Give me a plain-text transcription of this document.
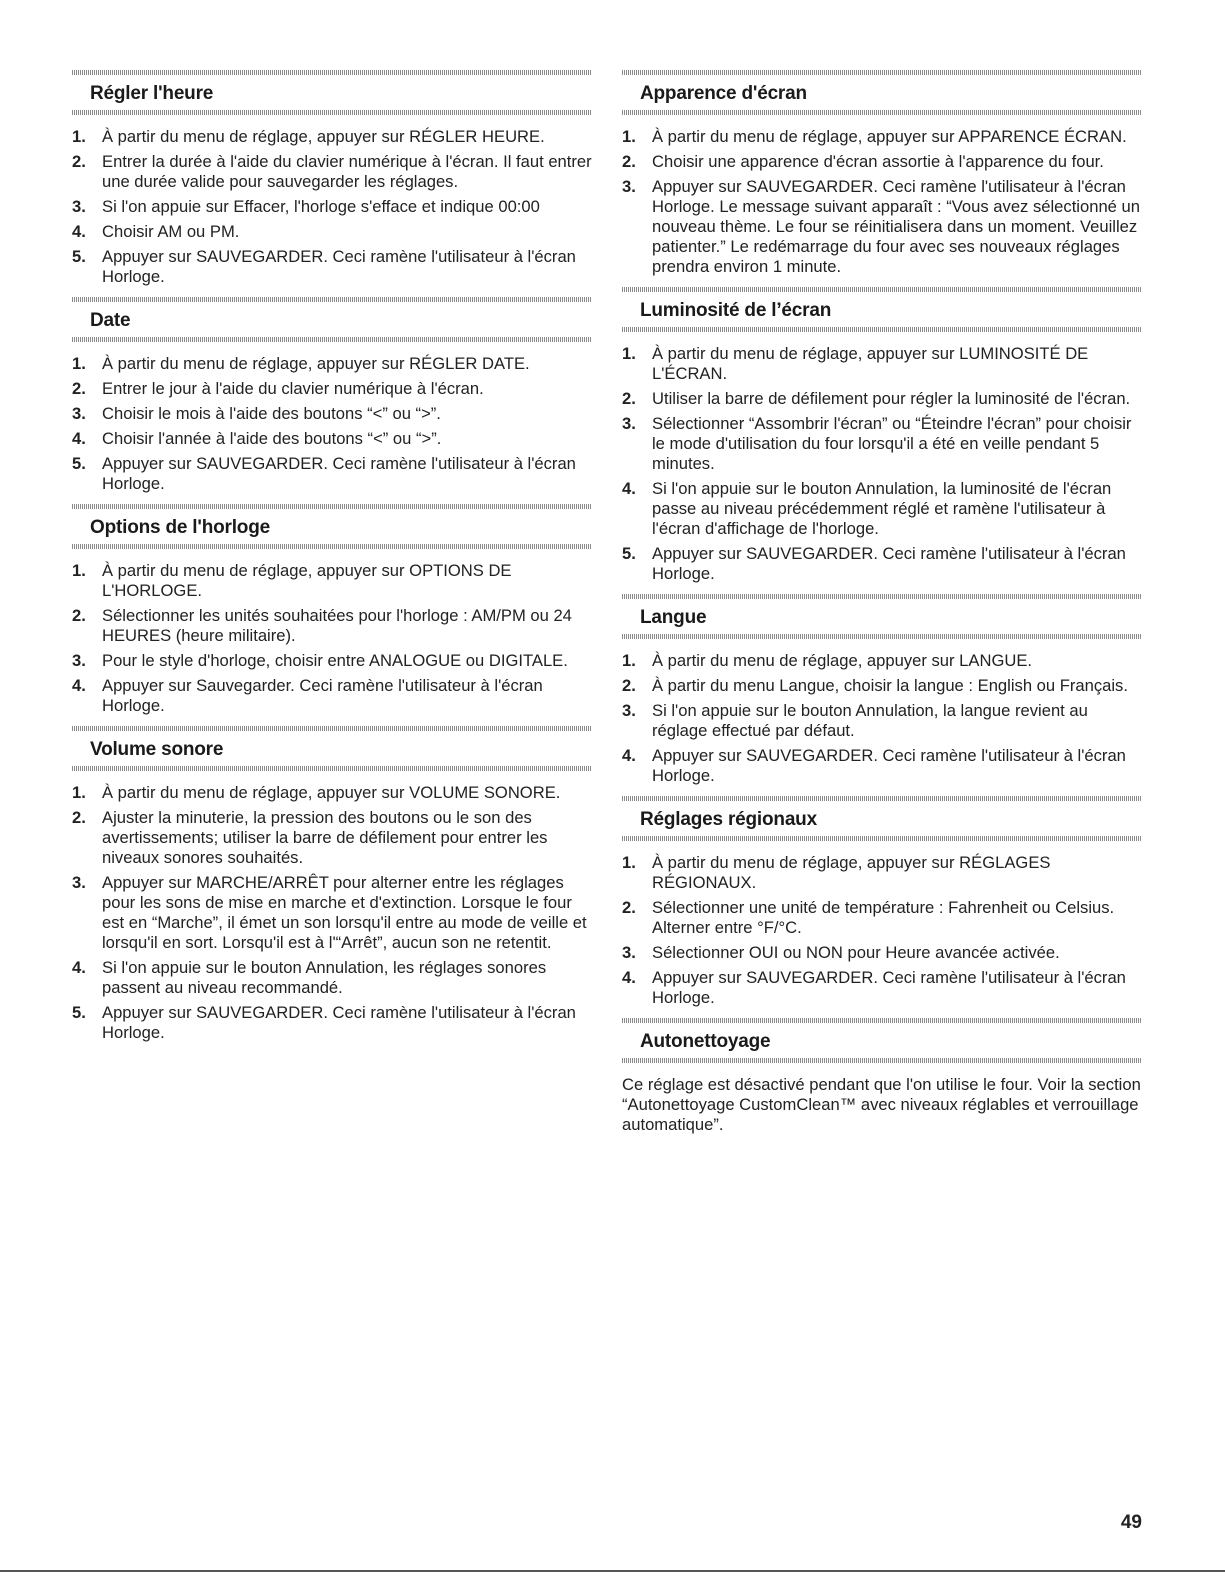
Régler l'heure
1. À partir du menu de réglage, appuyer sur RÉGLER HEURE.
2. Entrer la durée à l'aide du clavier numérique à l'écran. Il faut entrer une durée valide pour sauvegarder les réglages.
3. Si l'on appuie sur Effacer, l'horloge s'efface et indique 00:00
4. Choisir AM ou PM.
5. Appuyer sur SAUVEGARDER. Ceci ramène l'utilisateur à l'écran Horloge.
Date
1. À partir du menu de réglage, appuyer sur RÉGLER DATE.
2. Entrer le jour à l'aide du clavier numérique à l'écran.
3. Choisir le mois à l'aide des boutons “<” ou “>”.
4. Choisir l'année à l'aide des boutons “<” ou “>”.
5. Appuyer sur SAUVEGARDER. Ceci ramène l'utilisateur à l'écran Horloge.
Options de l'horloge
1. À partir du menu de réglage, appuyer sur OPTIONS DE L'HORLOGE.
2. Sélectionner les unités souhaitées pour l'horloge : AM/PM ou 24 HEURES (heure militaire).
3. Pour le style d'horloge, choisir entre ANALOGUE ou DIGITALE.
4. Appuyer sur Sauvegarder. Ceci ramène l'utilisateur à l'écran Horloge.
Volume sonore
1. À partir du menu de réglage, appuyer sur VOLUME SONORE.
2. Ajuster la minuterie, la pression des boutons ou le son des avertissements; utiliser la barre de défilement pour entrer les niveaux sonores souhaités.
3. Appuyer sur MARCHE/ARRÊT pour alterner entre les réglages pour les sons de mise en marche et d'extinction. Lorsque le four est en “Marche”, il émet un son lorsqu'il entre au mode de veille et lorsqu'il en sort. Lorsqu'il est à l'“Arrêt”, aucun son ne retentit.
4. Si l'on appuie sur le bouton Annulation, les réglages sonores passent au niveau recommandé.
5. Appuyer sur SAUVEGARDER. Ceci ramène l'utilisateur à l'écran Horloge.
Apparence d'écran
1. À partir du menu de réglage, appuyer sur APPARENCE ÉCRAN.
2. Choisir une apparence d'écran assortie à l'apparence du four.
3. Appuyer sur SAUVEGARDER. Ceci ramène l'utilisateur à l'écran Horloge. Le message suivant apparaît : “Vous avez sélectionné un nouveau thème. Le four se réinitialisera dans un moment. Veuillez patienter.” Le redémarrage du four avec ses nouveaux réglages prendra environ 1 minute.
Luminosité de l’écran
1. À partir du menu de réglage, appuyer sur LUMINOSITÉ DE L'ÉCRAN.
2. Utiliser la barre de défilement pour régler la luminosité de l'écran.
3. Sélectionner “Assombrir l'écran” ou “Éteindre l'écran” pour choisir le mode d'utilisation du four lorsqu'il a été en veille pendant 5 minutes.
4. Si l'on appuie sur le bouton Annulation, la luminosité de l'écran passe au niveau précédemment réglé et ramène l'utilisateur à l'écran d'affichage de l'horloge.
5. Appuyer sur SAUVEGARDER. Ceci ramène l'utilisateur à l'écran Horloge.
Langue
1. À partir du menu de réglage, appuyer sur LANGUE.
2. À partir du menu Langue, choisir la langue : English ou Français.
3. Si l'on appuie sur le bouton Annulation, la langue revient au réglage effectué par défaut.
4. Appuyer sur SAUVEGARDER. Ceci ramène l'utilisateur à l'écran Horloge.
Réglages régionaux
1. À partir du menu de réglage, appuyer sur RÉGLAGES RÉGIONAUX.
2. Sélectionner une unité de température : Fahrenheit ou Celsius. Alterner entre °F/°C.
3. Sélectionner OUI ou NON pour Heure avancée activée.
4. Appuyer sur SAUVEGARDER. Ceci ramène l'utilisateur à l'écran Horloge.
Autonettoyage

Ce réglage est désactivé pendant que l'on utilise le four. Voir la section “Autonettoyage CustomClean™ avec niveaux réglables et verrouillage automatique”.

49
